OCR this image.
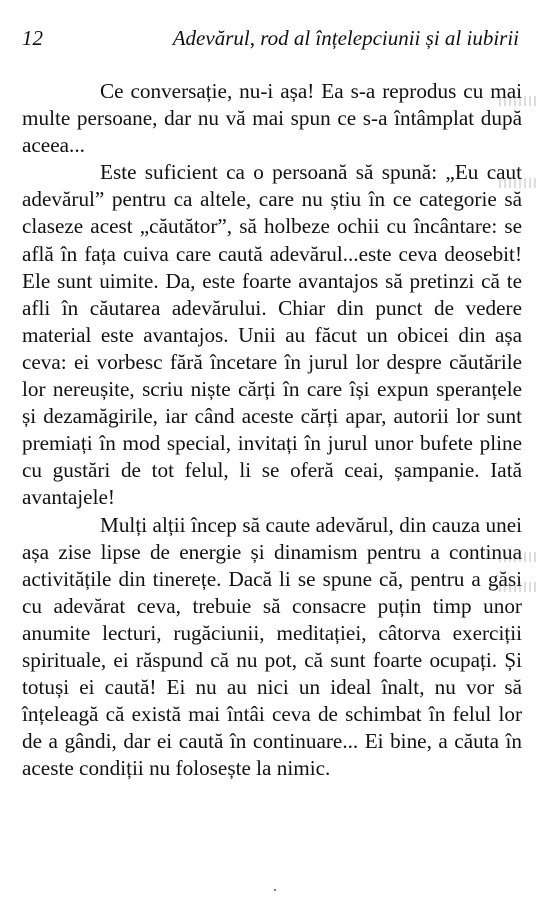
12	Adevărul, rod al înțelepciunii și al iubirii

Ce conversație, nu-i așa! Ea s-a reprodus cu mai multe persoane, dar nu vă mai spun ce s-a întâmplat după aceea...

Este suficient ca o persoană să spună: „Eu caut adevărul” pentru ca altele, care nu știu în ce categorie să claseze acest „căutător”, să holbeze ochii cu încântare: se află în fața cuiva care caută adevărul...este ceva deosebit! Ele sunt uimite. Da, este foarte avantajos să pretinzi că te afli în căutarea adevărului. Chiar din punct de vedere material este avantajos. Unii au făcut un obicei din așa ceva: ei vorbesc fără încetare în jurul lor despre căutările lor nereușite, scriu niște cărți în care își expun speranțele și dezamăgirile, iar când aceste cărți apar, autorii lor sunt premiați în mod special, invitați în jurul unor bufete pline cu gustări de tot felul, li se oferă ceai, șampanie. Iată avantajele!

Mulți alții încep să caute adevărul, din cauza unei așa zise lipse de energie și dinamism pentru a continua activitățile din tinerețe. Dacă li se spune că, pentru a găsi cu adevărat ceva, trebuie să consacre puțin timp unor anumite lecturi, rugăciunii, meditației, câtorva exerciții spirituale, ei răspund că nu pot, că sunt foarte ocupați. Și totuși ei caută! Ei nu au nici un ideal înalt, nu vor să înțeleagă că există mai întâi ceva de schimbat în felul lor de a gândi, dar ei caută în continuare... Ei bine, a căuta în aceste condiții nu folosește la nimic.
